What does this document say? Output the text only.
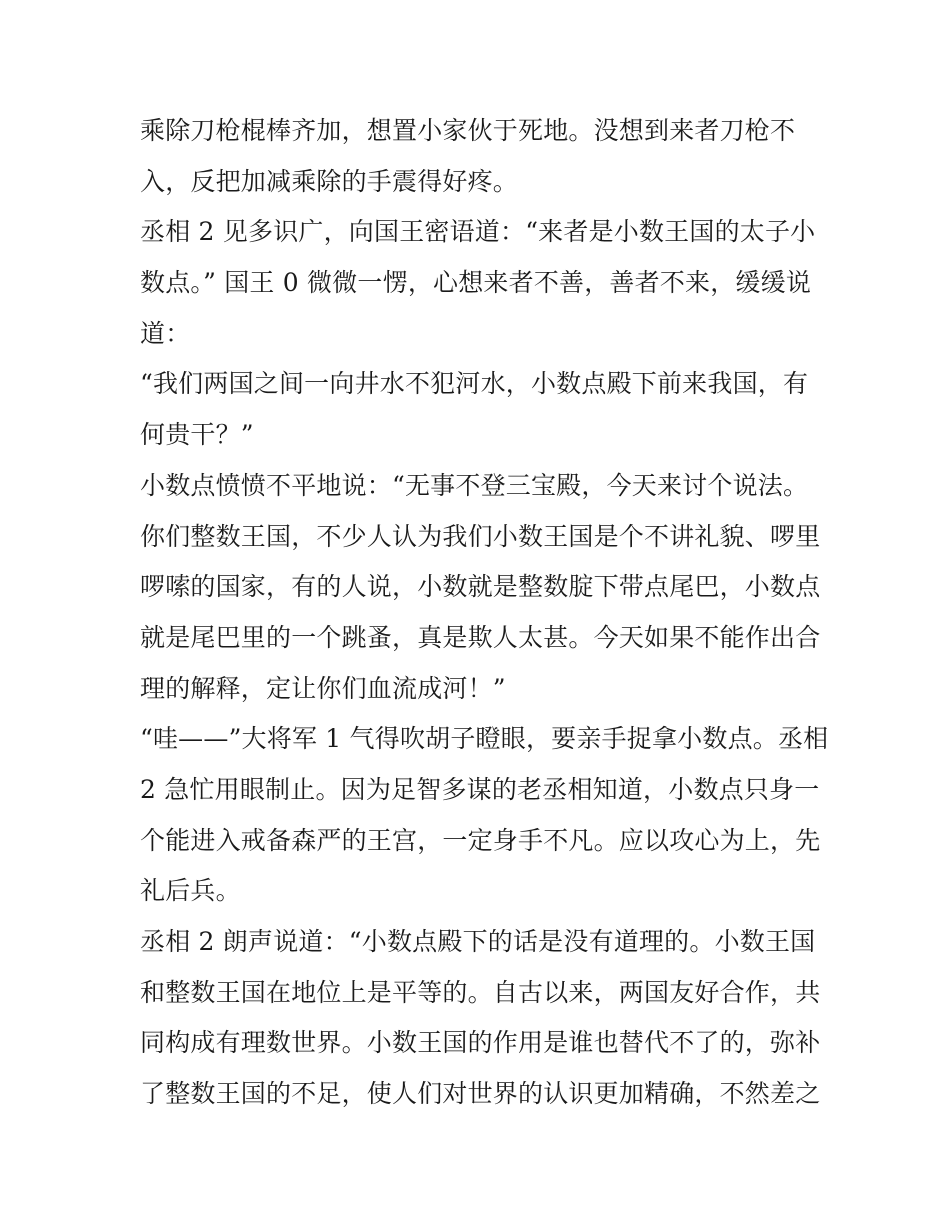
乘除刀枪棍棒齐加，想置小家伙于死地。没想到来者刀枪不
入，反把加减乘除的手震得好疼。
丞相 2 见多识广，向国王密语道：“来者是小数王国的太子小
数点。” 国王 0 微微一愣，心想来者不善，善者不来，缓缓说
道：
“我们两国之间一向井水不犯河水，小数点殿下前来我国，有
何贵干？”
小数点愤愤不平地说：“无事不登三宝殿，今天来讨个说法。
你们整数王国，不少人认为我们小数王国是个不讲礼貌、啰里
啰嗦的国家，有的人说，小数就是整数腚下带点尾巴，小数点
就是尾巴里的一个跳蚤，真是欺人太甚。今天如果不能作出合
理的解释，定让你们血流成河！”
“哇——”大将军 1 气得吹胡子瞪眼，要亲手捉拿小数点。丞相
2 急忙用眼制止。因为足智多谋的老丞相知道，小数点只身一
个能进入戒备森严的王宫，一定身手不凡。应以攻心为上，先
礼后兵。
丞相 2 朗声说道：“小数点殿下的话是没有道理的。小数王国
和整数王国在地位上是平等的。自古以来，两国友好合作，共
同构成有理数世界。小数王国的作用是谁也替代不了的，弥补
了整数王国的不足，使人们对世界的认识更加精确，不然差之
